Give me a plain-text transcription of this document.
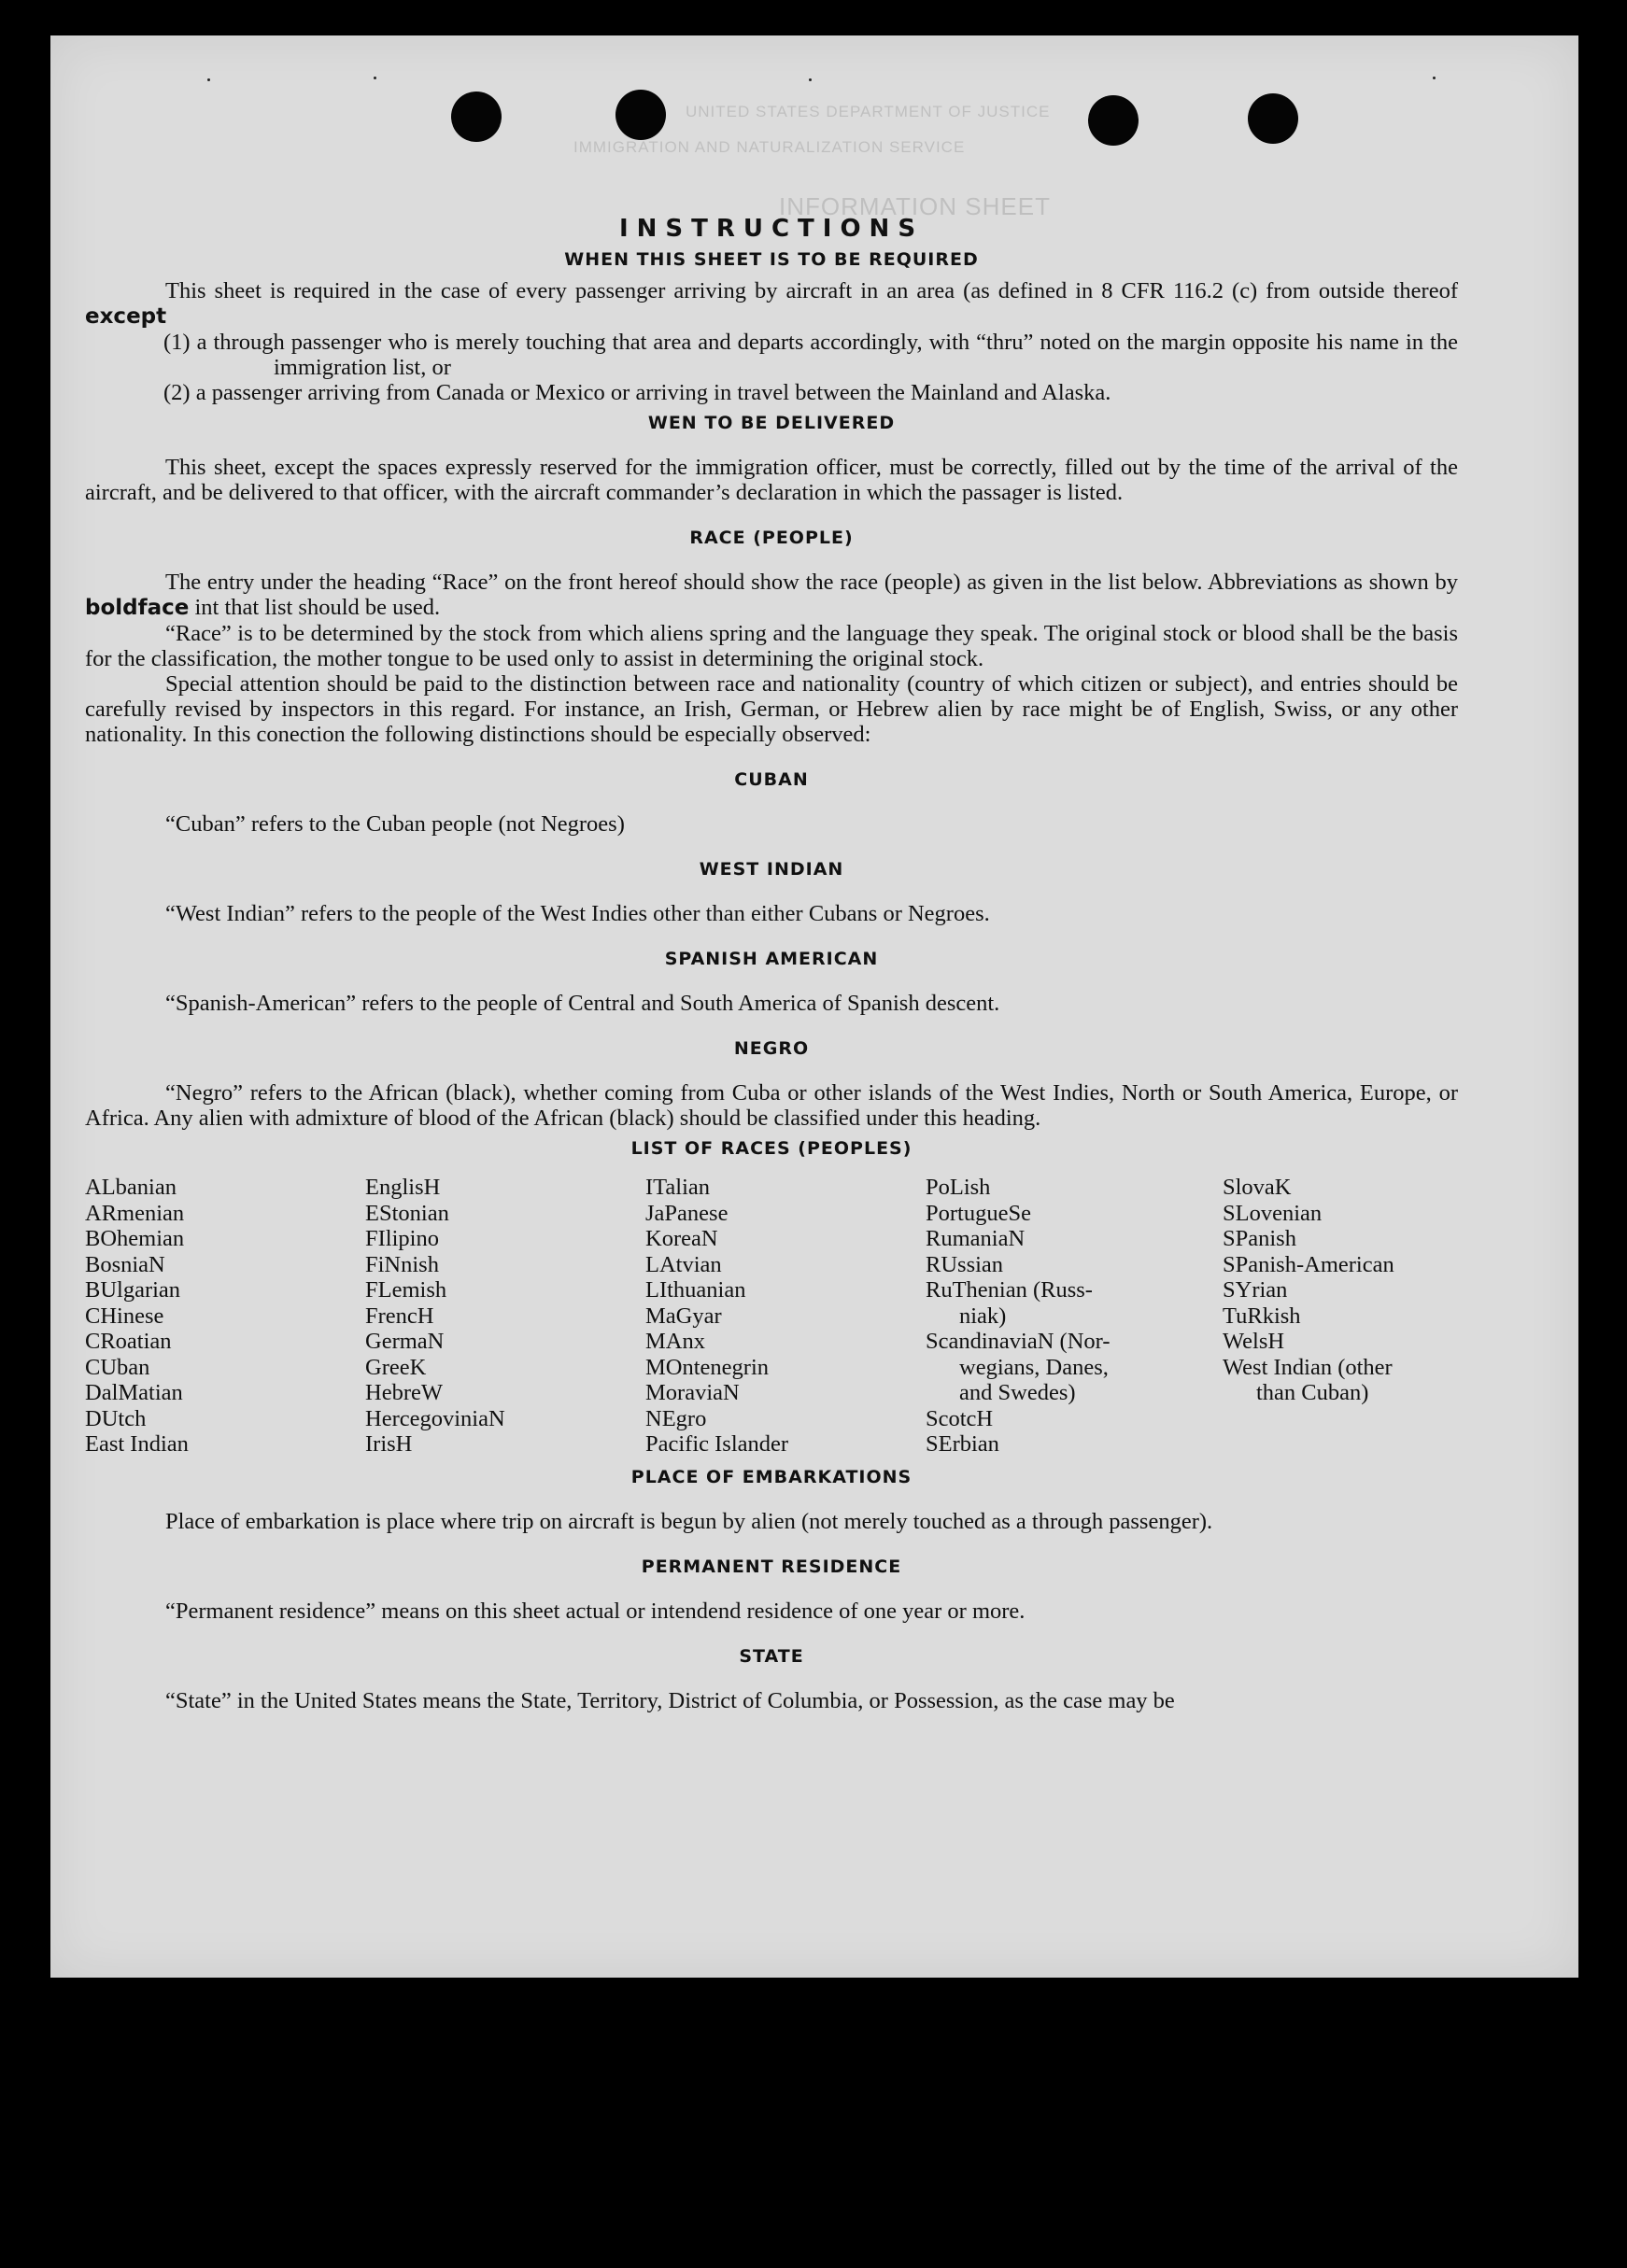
UNITED STATES DEPARTMENT OF JUSTICE
IMMIGRATION AND NATURALIZATION SERVICE
INFORMATION SHEET
INSTRUCTIONS
WHEN THIS SHEET IS TO BE REQUIRED

This sheet is required in the case of every passenger arriving by aircraft in an area (as defined in 8 CFR 116.2 (c) from outside thereof except

(1) a through passenger who is merely touching that area and departs accordingly, with “thru” noted on the margin opposite his name in the immigration list, or

(2) a passenger arriving from Canada or Mexico or arriving in travel between the Mainland and Alaska.

WEN TO BE DELIVERED

This sheet, except the spaces expressly reserved for the immigration officer, must be correctly, filled out by the time of the arrival of the aircraft, and be delivered to that officer, with the aircraft commander’s declaration in which the passager is listed.

RACE (PEOPLE)

The entry under the heading “Race” on the front hereof should show the race (people) as given in the list below. Abbreviations as shown by boldface int that list should be used.

“Race” is to be determined by the stock from which aliens spring and the language they speak. The original stock or blood shall be the basis for the classification, the mother tongue to be used only to assist in determining the original stock.

Special attention should be paid to the distinction between race and nationality (country of which citizen or subject), and entries should be carefully revised by inspectors in this regard. For instance, an Irish, German, or Hebrew alien by race might be of English, Swiss, or any other nationality. In this conection the following distinctions should be especially observed:

CUBAN

“Cuban” refers to the Cuban people (not Negroes)

WEST INDIAN

“West Indian” refers to the people of the West Indies other than either Cubans or Negroes.

SPANISH AMERICAN

“Spanish-American” refers to the people of Central and South America of Spanish descent.

NEGRO

“Negro” refers to the African (black), whether coming from Cuba or other islands of the West Indies, North or South America, Europe, or Africa. Any alien with admixture of blood of the African (black) should be classified under this heading.

LIST OF RACES (PEOPLES)
ALbanian
ARmenian
BOhemian
BosniaN
BUlgarian
CHinese
CRoatian
CUban
DalMatian
DUtch
East Indian
EnglisH
EStonian
FIlipino
FiNnish
FLemish
FrencH
GermaN
GreeK
HebreW
HercegoviniaN
IrisH
ITalian
JaPanese
KoreaN
LAtvian
LIthuanian
MaGyar
MAnx
MOntenegrin
MoraviaN
NEgro
Pacific Islander
PoLish
PortugueSe
RumaniaN
RUssian
RuThenian (Russ-
niak)
ScandinaviaN (Nor-
wegians, Danes,
and Swedes)
ScotcH
SErbian
SlovaK
SLovenian
SPanish
SPanish-American
SYrian
TuRkish
WelsH
West Indian (other
than Cuban)
PLACE OF EMBARKATIONS

Place of embarkation is place where trip on aircraft is begun by alien (not merely touched as a through passenger).

PERMANENT RESIDENCE

“Permanent residence” means on this sheet actual or intendend residence of one year or more.

STATE

“State” in the United States means the State, Territory, District of Columbia, or Possession, as the case may be
